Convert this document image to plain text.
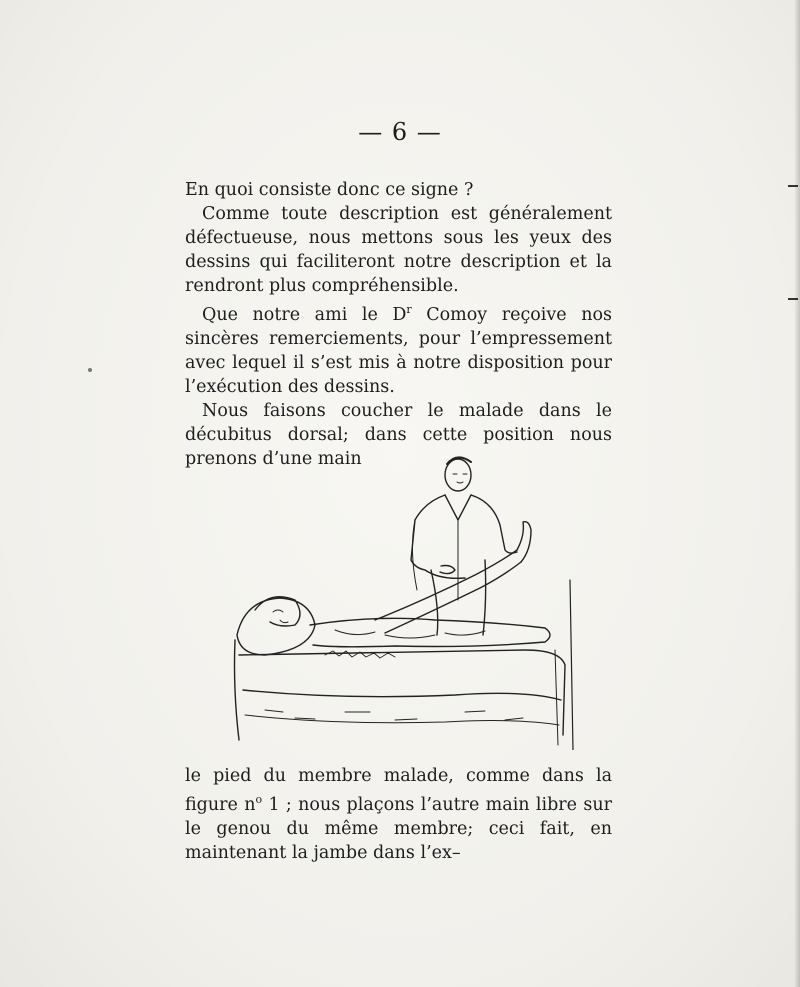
— 6 —

En quoi consiste donc ce signe ?

Comme toute description est généralement défectueuse, nous mettons sous les yeux des dessins qui faciliteront notre description et la rendront plus compréhensible.

Que notre ami le $D^r$ Comoy reçoive nos sincères remerciements, pour l’empressement avec lequel il s’est mis à notre disposition pour l’exécution des dessins.

Nous faisons coucher le malade dans le décubitus dorsal; dans cette position nous prenons d’une main

le pied du membre malade, comme dans la figure $n^o$ 1 ; nous plaçons l’autre main libre sur le genou du même membre; ceci fait, en maintenant la jambe dans l’ex–
